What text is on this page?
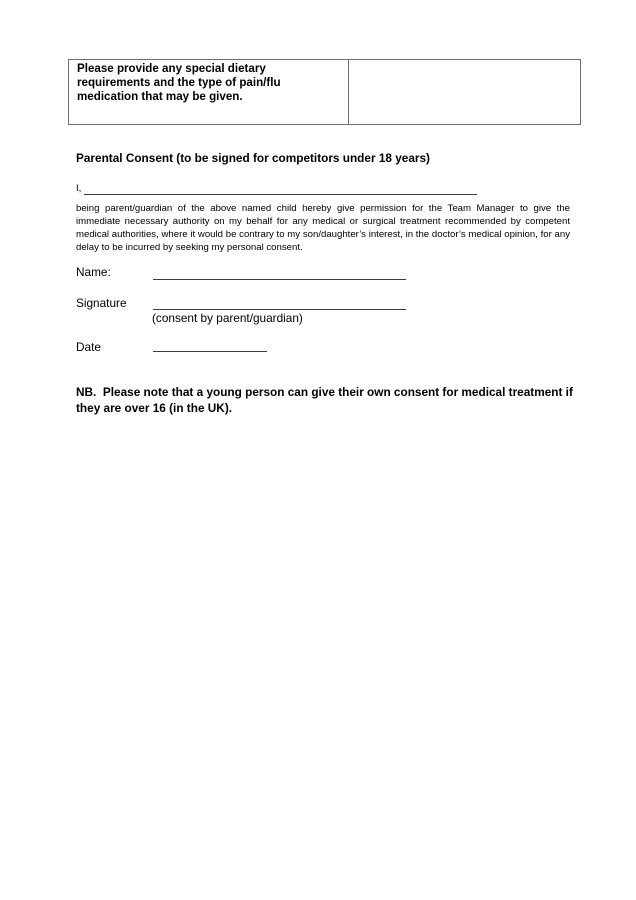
Please provide any special dietary requirements and the type of pain/flu medication that may be given.
Parental Consent (to be signed for competitors under 18 years)
I,
being parent/guardian of the above named child hereby give permission for the Team Manager to give the immediate necessary authority on my behalf for any medical or surgical treatment recommended by competent medical authorities, where it would be contrary to my son/daughter’s interest, in the doctor’s medical opinion, for any delay to be incurred by seeking my personal consent.
Name:
Signature
(consent by parent/guardian)
Date
NB.  Please note that a young person can give their own consent for medical treatment if they are over 16 (in the UK).
